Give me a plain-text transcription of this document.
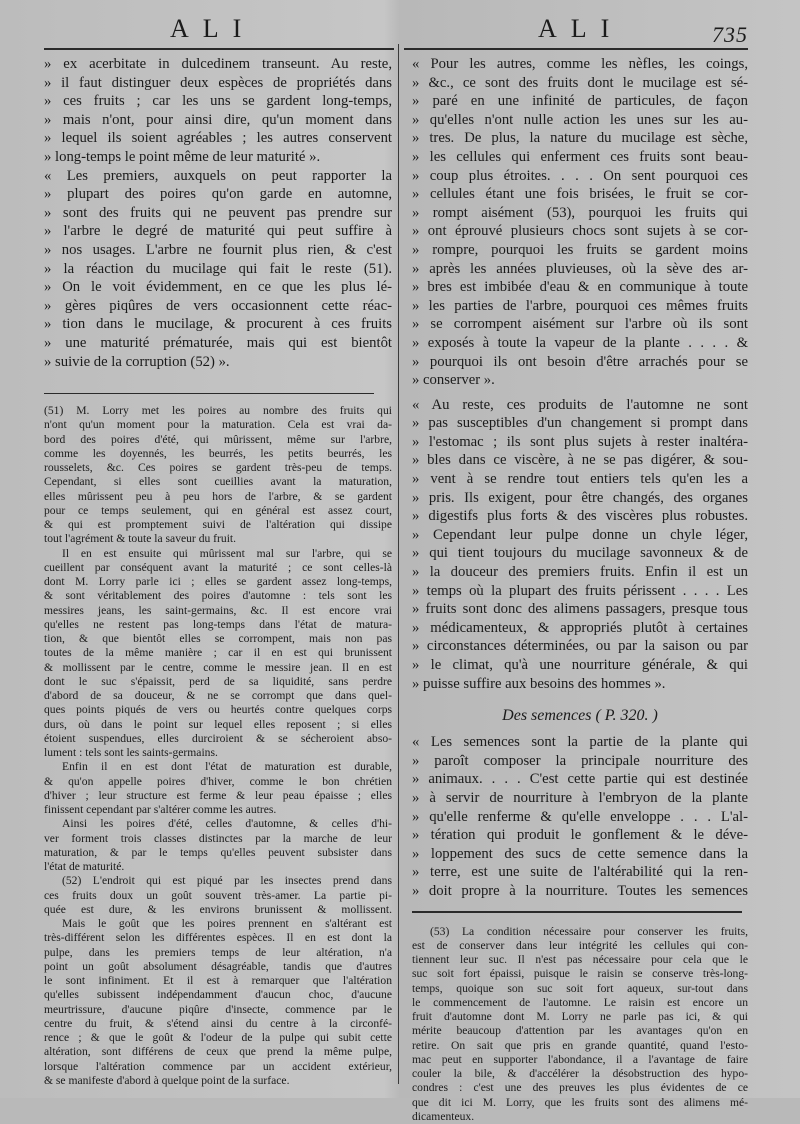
ALI	ALI	735
» ex acerbitate in dulcedinem transeunt. Au reste,
» il faut distinguer deux espèces de propriétés dans
» ces fruits ; car les uns se gardent long-temps,
» mais n'ont, pour ainsi dire, qu'un moment dans
» lequel ils soient agréables ; les autres conservent
» long-temps le point même de leur maturité ».
« Les premiers, auxquels on peut rapporter la
» plupart des poires qu'on garde en automne,
» sont des fruits qui ne peuvent pas prendre sur
» l'arbre le degré de maturité qui peut suffire à
» nos usages. L'arbre ne fournit plus rien, & c'est
» la réaction du mucilage qui fait le reste (51).
» On le voit évidemment, en ce que les plus lé-
» gères piqûres de vers occasionnent cette réac-
» tion dans le mucilage, & procurent à ces fruits
» une maturité prématurée, mais qui est bientôt
» suivie de la corruption (52) ».
(51) M. Lorry met les poires au nombre des fruits qui
n'ont qu'un moment pour la maturation. Cela est vrai da-
bord des poires d'été, qui mûrissent, même sur l'arbre,
comme les doyennés, les beurrés, les petits beurrés, les
rousselets, &c. Ces poires se gardent très-peu de temps.
Cependant, si elles sont cueillies avant la maturation,
elles mûrissent peu à peu hors de l'arbre, & se gardent
pour ce temps seulement, qui en général est assez court,
& qui est promptement suivi de l'altération qui dissipe
tout l'agrément & toute la saveur du fruit.
Il en est ensuite qui mûrissent mal sur l'arbre, qui se
cueillent par conséquent avant la maturité ; ce sont celles-là
dont M. Lorry parle ici ; elles se gardent assez long-temps,
& sont véritablement des poires d'automne : tels sont les
messires jeans, les saint-germains, &c. Il est encore vrai
qu'elles ne restent pas long-temps dans l'état de matura-
tion, & que bientôt elles se corrompent, mais non pas
toutes de la même manière ; car il en est qui brunissent
& mollissent par le centre, comme le messire jean. Il en est
dont le suc s'épaissit, perd de sa liquidité, sans perdre
d'abord de sa douceur, & ne se corrompt que dans quel-
ques points piqués de vers ou heurtés contre quelques corps
durs, où dans le point sur lequel elles reposent ; si elles
étoient suspendues, elles durciroient & se sécheroient abso-
lument : tels sont les saints-germains.
Enfin il en est dont l'état de maturation est durable,
& qu'on appelle poires d'hiver, comme le bon chrétien
d'hiver ; leur structure est ferme & leur peau épaisse ; elles
finissent cependant par s'altérer comme les autres.
Ainsi les poires d'été, celles d'automne, & celles d'hi-
ver forment trois classes distinctes par la marche de leur
maturation, & par le temps qu'elles peuvent subsister dans
l'état de maturité.
(52) L'endroit qui est piqué par les insectes prend dans
ces fruits doux un goût souvent très-amer. La partie pi-
quée est dure, & les environs brunissent & mollissent.
Mais le goût que les poires prennent en s'altérant est
très-différent selon les différentes espèces. Il en est dont la
pulpe, dans les premiers temps de leur altération, n'a
point un goût absolument désagréable, tandis que d'autres
le sont infiniment. Et il est à remarquer que l'altération
qu'elles subissent indépendamment d'aucun choc, d'aucune
meurtrissure, d'aucune piqûre d'insecte, commence par le
centre du fruit, & s'étend ainsi du centre à la circonfé-
rence ; & que le goût & l'odeur de la pulpe qui subit cette
altération, sont différens de ceux que prend la même pulpe,
lorsque l'altération commence par un accident extérieur,
& se manifeste d'abord à quelque point de la surface.
« Pour les autres, comme les nèfles, les coings,
» &c., ce sont des fruits dont le mucilage est sé-
» paré en une infinité de particules, de façon
» qu'elles n'ont nulle action les unes sur les au-
» tres. De plus, la nature du mucilage est sèche,
» les cellules qui enferment ces fruits sont beau-
» coup plus étroites. . . . On sent pourquoi ces
» cellules étant une fois brisées, le fruit se cor-
» rompt aisément (53), pourquoi les fruits qui
» ont éprouvé plusieurs chocs sont sujets à se cor-
» rompre, pourquoi les fruits se gardent moins
» après les années pluvieuses, où la sève des ar-
» bres est imbibée d'eau & en communique à toute
» les parties de l'arbre, pourquoi ces mêmes fruits
» se corrompent aisément sur l'arbre où ils sont
» exposés à toute la vapeur de la plante . . . . &
» pourquoi ils ont besoin d'être arrachés pour se
» conserver ».
« Au reste, ces produits de l'automne ne sont
» pas susceptibles d'un changement si prompt dans
» l'estomac ; ils sont plus sujets à rester inaltéra-
» bles dans ce viscère, à ne se pas digérer, & sou-
» vent à se rendre tout entiers tels qu'en les a
» pris. Ils exigent, pour être changés, des organes
» digestifs plus forts & des viscères plus robustes.
» Cependant leur pulpe donne un chyle léger,
» qui tient toujours du mucilage savonneux & de
» la douceur des premiers fruits. Enfin il est un
» temps où la plupart des fruits périssent . . . . Les
» fruits sont donc des alimens passagers, presque tous
» médicamenteux, & appropriés plutôt à certaines
» circonstances déterminées, ou par la saison ou par
» le climat, qu'à une nourriture générale, & qui
» puisse suffire aux besoins des hommes ».
Des semences ( P. 320. )
« Les semences sont la partie de la plante qui
» paroît composer la principale nourriture des
» animaux. . . . C'est cette partie qui est destinée
» à servir de nourriture à l'embryon de la plante
» qu'elle renferme & qu'elle enveloppe . . . L'al-
» tération qui produit le gonflement & le déve-
» loppement des sucs de cette semence dans la
» terre, est une suite de l'altérabilité qui la ren-
» doit propre à la nourriture. Toutes les semences
(53) La condition nécessaire pour conserver les fruits,
est de conserver dans leur intégrité les cellules qui con-
tiennent leur suc. Il n'est pas nécessaire pour cela que le
suc soit fort épaissi, puisque le raisin se conserve très-long-
temps, quoique son suc soit fort aqueux, sur-tout dans
le commencement de l'automne. Le raisin est encore un
fruit d'automne dont M. Lorry ne parle pas ici, & qui
mérite beaucoup d'attention par les avantages qu'on en
retire. On sait que pris en grande quantité, quand l'esto-
mac peut en supporter l'abondance, il a l'avantage de faire
couler la bile, & d'accélérer la désobstruction des hypo-
condres : c'est une des preuves les plus évidentes de ce
que dit ici M. Lorry, que les fruits sont des alimens mé-
dicamenteux.
